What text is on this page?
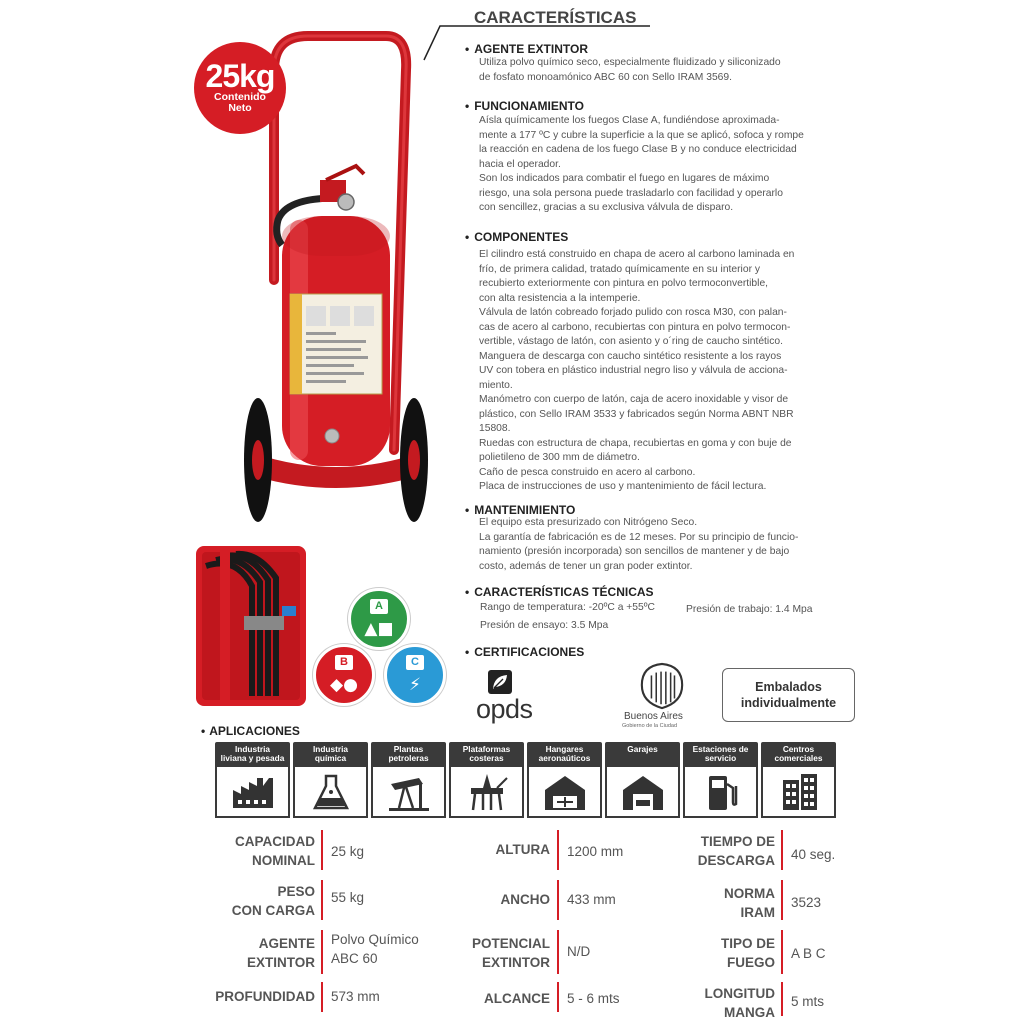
25kg
Contenido
Neto
A
▲■
B
◆●
C
⚡
CARACTERÍSTICAS
• AGENTE EXTINTOR

Utiliza polvo químico seco, especialmente fluidizado y siliconizado

de fosfato monoamónico ABC 60 con Sello IRAM 3569.

• FUNCIONAMIENTO

Aísla químicamente los fuegos Clase A, fundiéndose aproximada-

mente a 177 ºC y cubre la superficie a la que se aplicó, sofoca y rompe

la reacción en cadena de los fuego Clase B y no conduce electricidad

hacia el operador.

Son los indicados para combatir el fuego en lugares de máximo

riesgo, una sola persona puede trasladarlo con facilidad y operarlo

con sencillez, gracias a su exclusiva válvula de disparo.

• COMPONENTES

El cilindro está construido en chapa de acero al carbono laminada en

frío, de primera calidad, tratado químicamente en su interior y

recubierto exteriormente con pintura en polvo termoconvertible,

con alta resistencia a la intemperie.

Válvula de latón cobreado forjado pulido con rosca M30, con palan-

cas de acero al carbono, recubiertas con pintura en polvo termocon-

vertible, vástago de latón, con asiento y o´ring de caucho sintético.

Manguera de descarga con caucho sintético resistente a los rayos

UV con tobera en plástico industrial negro liso y válvula de acciona-

miento.

Manómetro con cuerpo de latón, caja de acero inoxidable y visor de

plástico, con Sello IRAM 3533 y fabricados según Norma ABNT NBR

15808.

Ruedas con estructura de chapa, recubiertas en goma y con buje de

polietileno de 300 mm de diámetro.

Caño de pesca construido en acero al carbono.

Placa de instrucciones de uso y mantenimiento de fácil lectura.

• MANTENIMIENTO

El equipo esta presurizado con Nitrógeno Seco.

La garantía de fabricación es de 12 meses. Por su principio de funcio-

namiento (presión incorporada) son sencillos de mantener y de bajo

costo, además de tener un gran poder extintor.

• CARACTERÍSTICAS TÉCNICAS
Rango de temperatura: -20ºC a +55ºC	Presión de trabajo: 1.4 Mpa
Presión de ensayo: 3.5 Mpa
• CERTIFICACIONES
opds	Buenos Aires
Gobierno de la Ciudad
Embalados
individualmente
• APLICACIONES
Industria
liviana y pesada
Industria
química
Plantas
petroleras
Plataformas
costeras
Hangares
aeronaúticos
Garajes	Estaciones de
servicio
Centros
comerciales
CAPACIDAD
NOMINAL
25 kg
PESO
CON CARGA
55 kg
AGENTE
EXTINTOR
Polvo Químico
ABC 60
PROFUNDIDAD 573 mm
ALTURA 1200 mm
ANCHO 433 mm
POTENCIAL
EXTINTOR
N/D
ALCANCE 5 - 6 mts
TIEMPO DE
DESCARGA 40 seg.
NORMA
IRAM
3523
TIPO DE
FUEGO
A B C
LONGITUD
MANGA
5 mts
